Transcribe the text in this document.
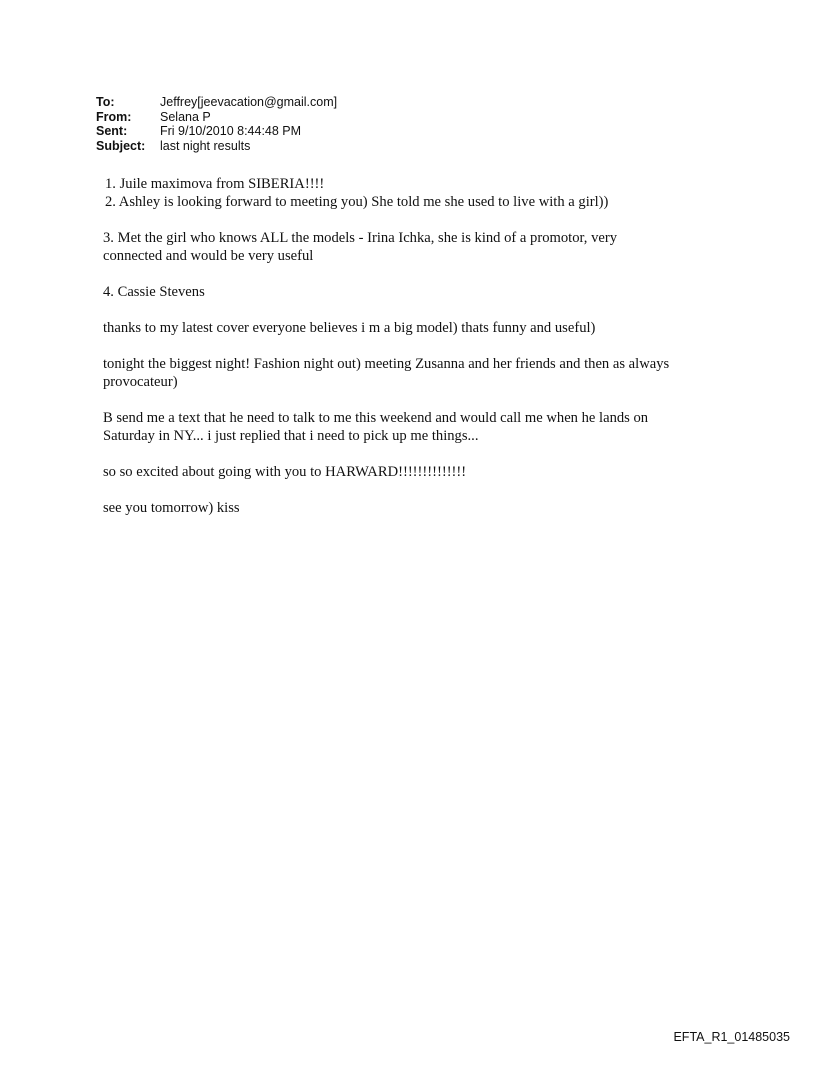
To:	Jeffrey[jeevacation@gmail.com]
From:	Selana P
Sent:	Fri 9/10/2010 8:44:48 PM
Subject:	last night results

1. Juile maximova from SIBERIA!!!!

2. Ashley is looking forward to meeting you) She told me she used to live with a girl))

3. Met the girl who knows ALL the models - Irina Ichka, she is kind of a promotor, very
connected and would be very useful

4. Cassie Stevens

thanks to my latest cover everyone believes i m a big model) thats funny and useful)

tonight the biggest night! Fashion night out) meeting Zusanna and her friends and then as always
provocateur)

B send me a text that he need to talk to me this weekend and would call me when he lands on
Saturday in NY... i just replied that i need to pick up me things...

so so excited about going with you to HARWARD!!!!!!!!!!!!!!

see you tomorrow) kiss

EFTA_R1_01485035
